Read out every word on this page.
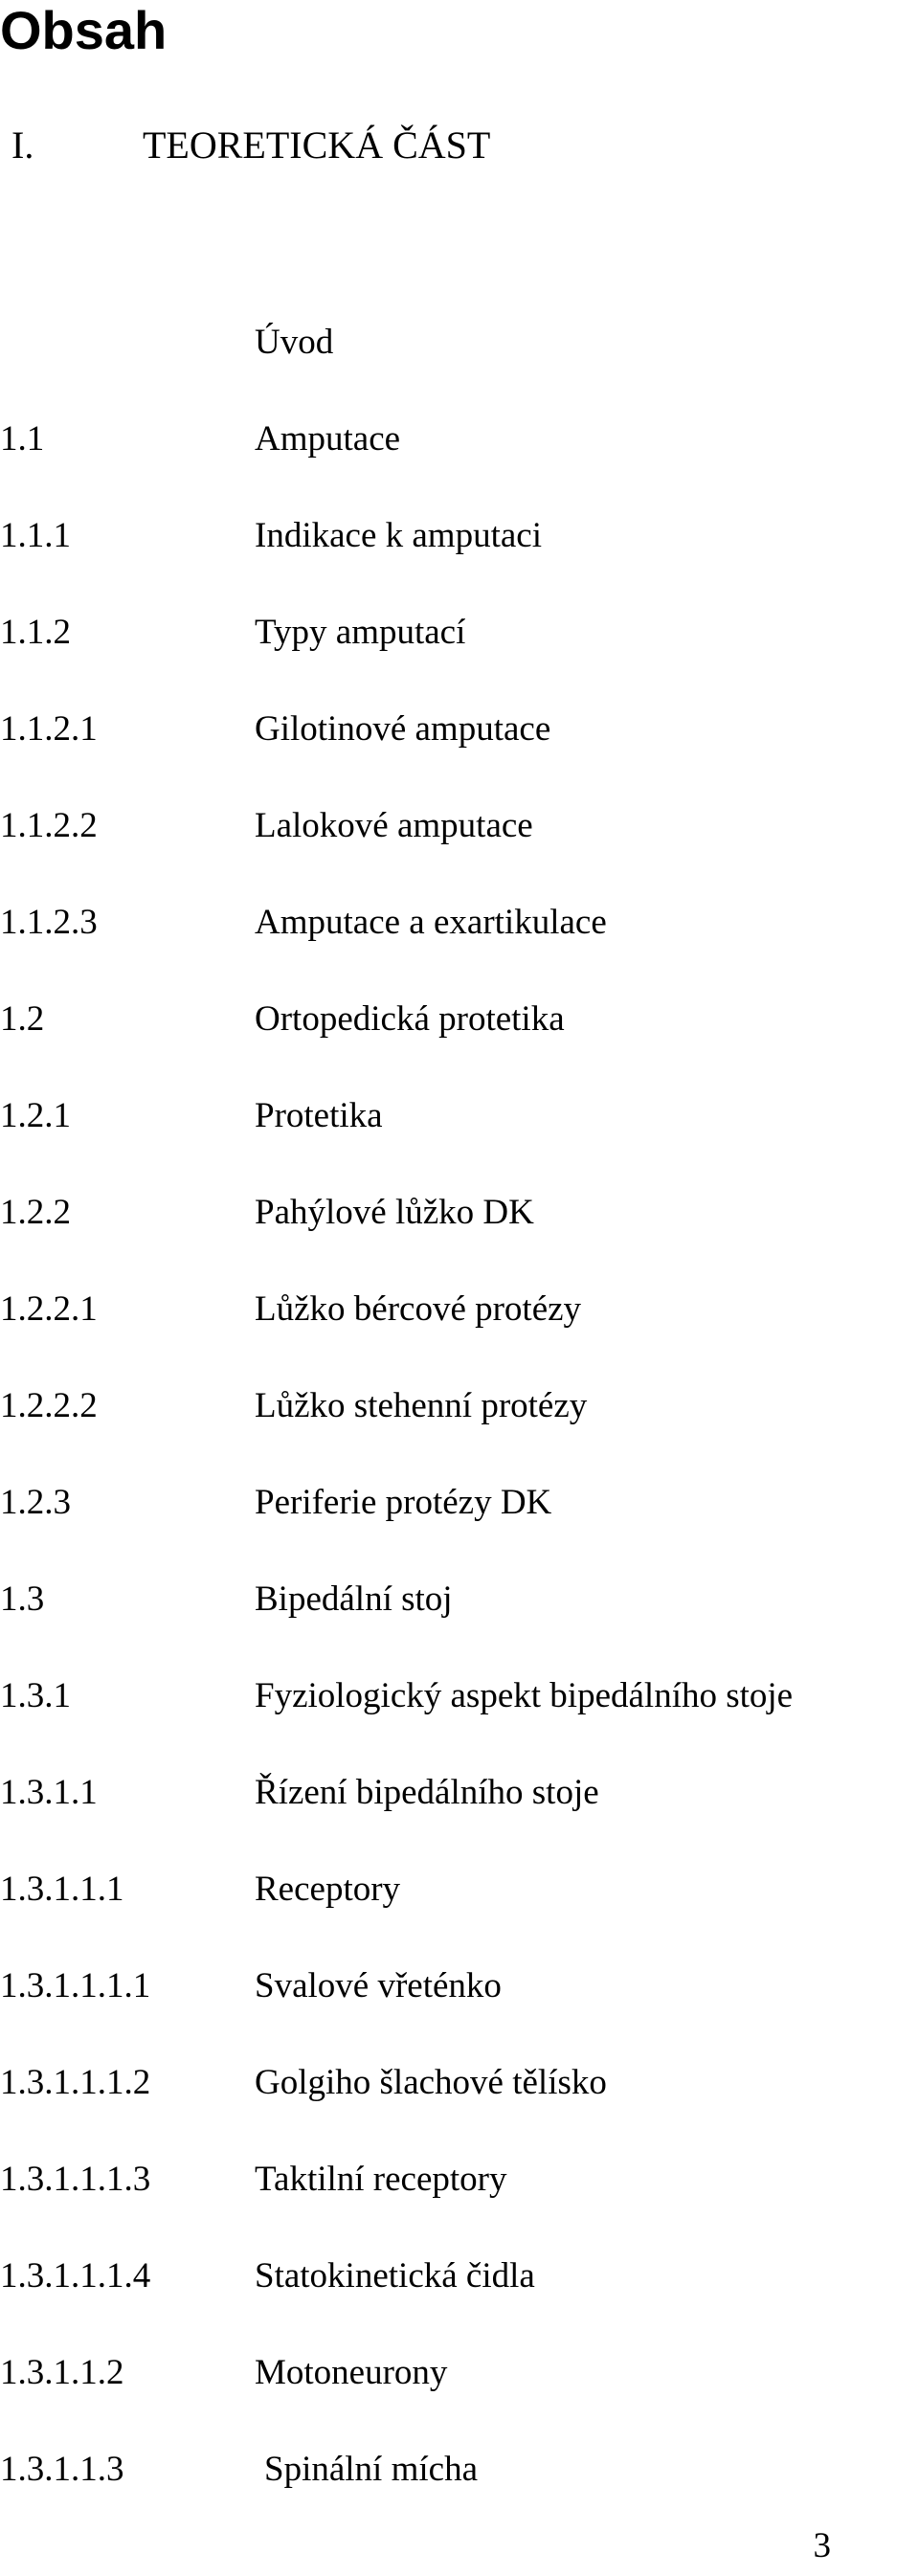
Obsah
I.	TEORETICKÁ ČÁST
Úvod
1.1	Amputace
1.1.1	Indikace k amputaci
1.1.2	Typy amputací
1.1.2.1	Gilotinové amputace
1.1.2.2	Lalokové amputace
1.1.2.3	Amputace a exartikulace
1.2	Ortopedická protetika
1.2.1	Protetika
1.2.2	Pahýlové lůžko DK
1.2.2.1	Lůžko bércové protézy
1.2.2.2	Lůžko stehenní protézy
1.2.3	Periferie protézy DK
1.3	Bipedální stoj
1.3.1	Fyziologický aspekt bipedálního stoje
1.3.1.1	Řízení bipedálního stoje
1.3.1.1.1	Receptory
1.3.1.1.1.1	Svalové vřeténko
1.3.1.1.1.2	Golgiho šlachové tělísko
1.3.1.1.1.3	Taktilní receptory
1.3.1.1.1.4	Statokinetická čidla
1.3.1.1.2	Motoneurony
1.3.1.1.3	Spinální mícha
3
